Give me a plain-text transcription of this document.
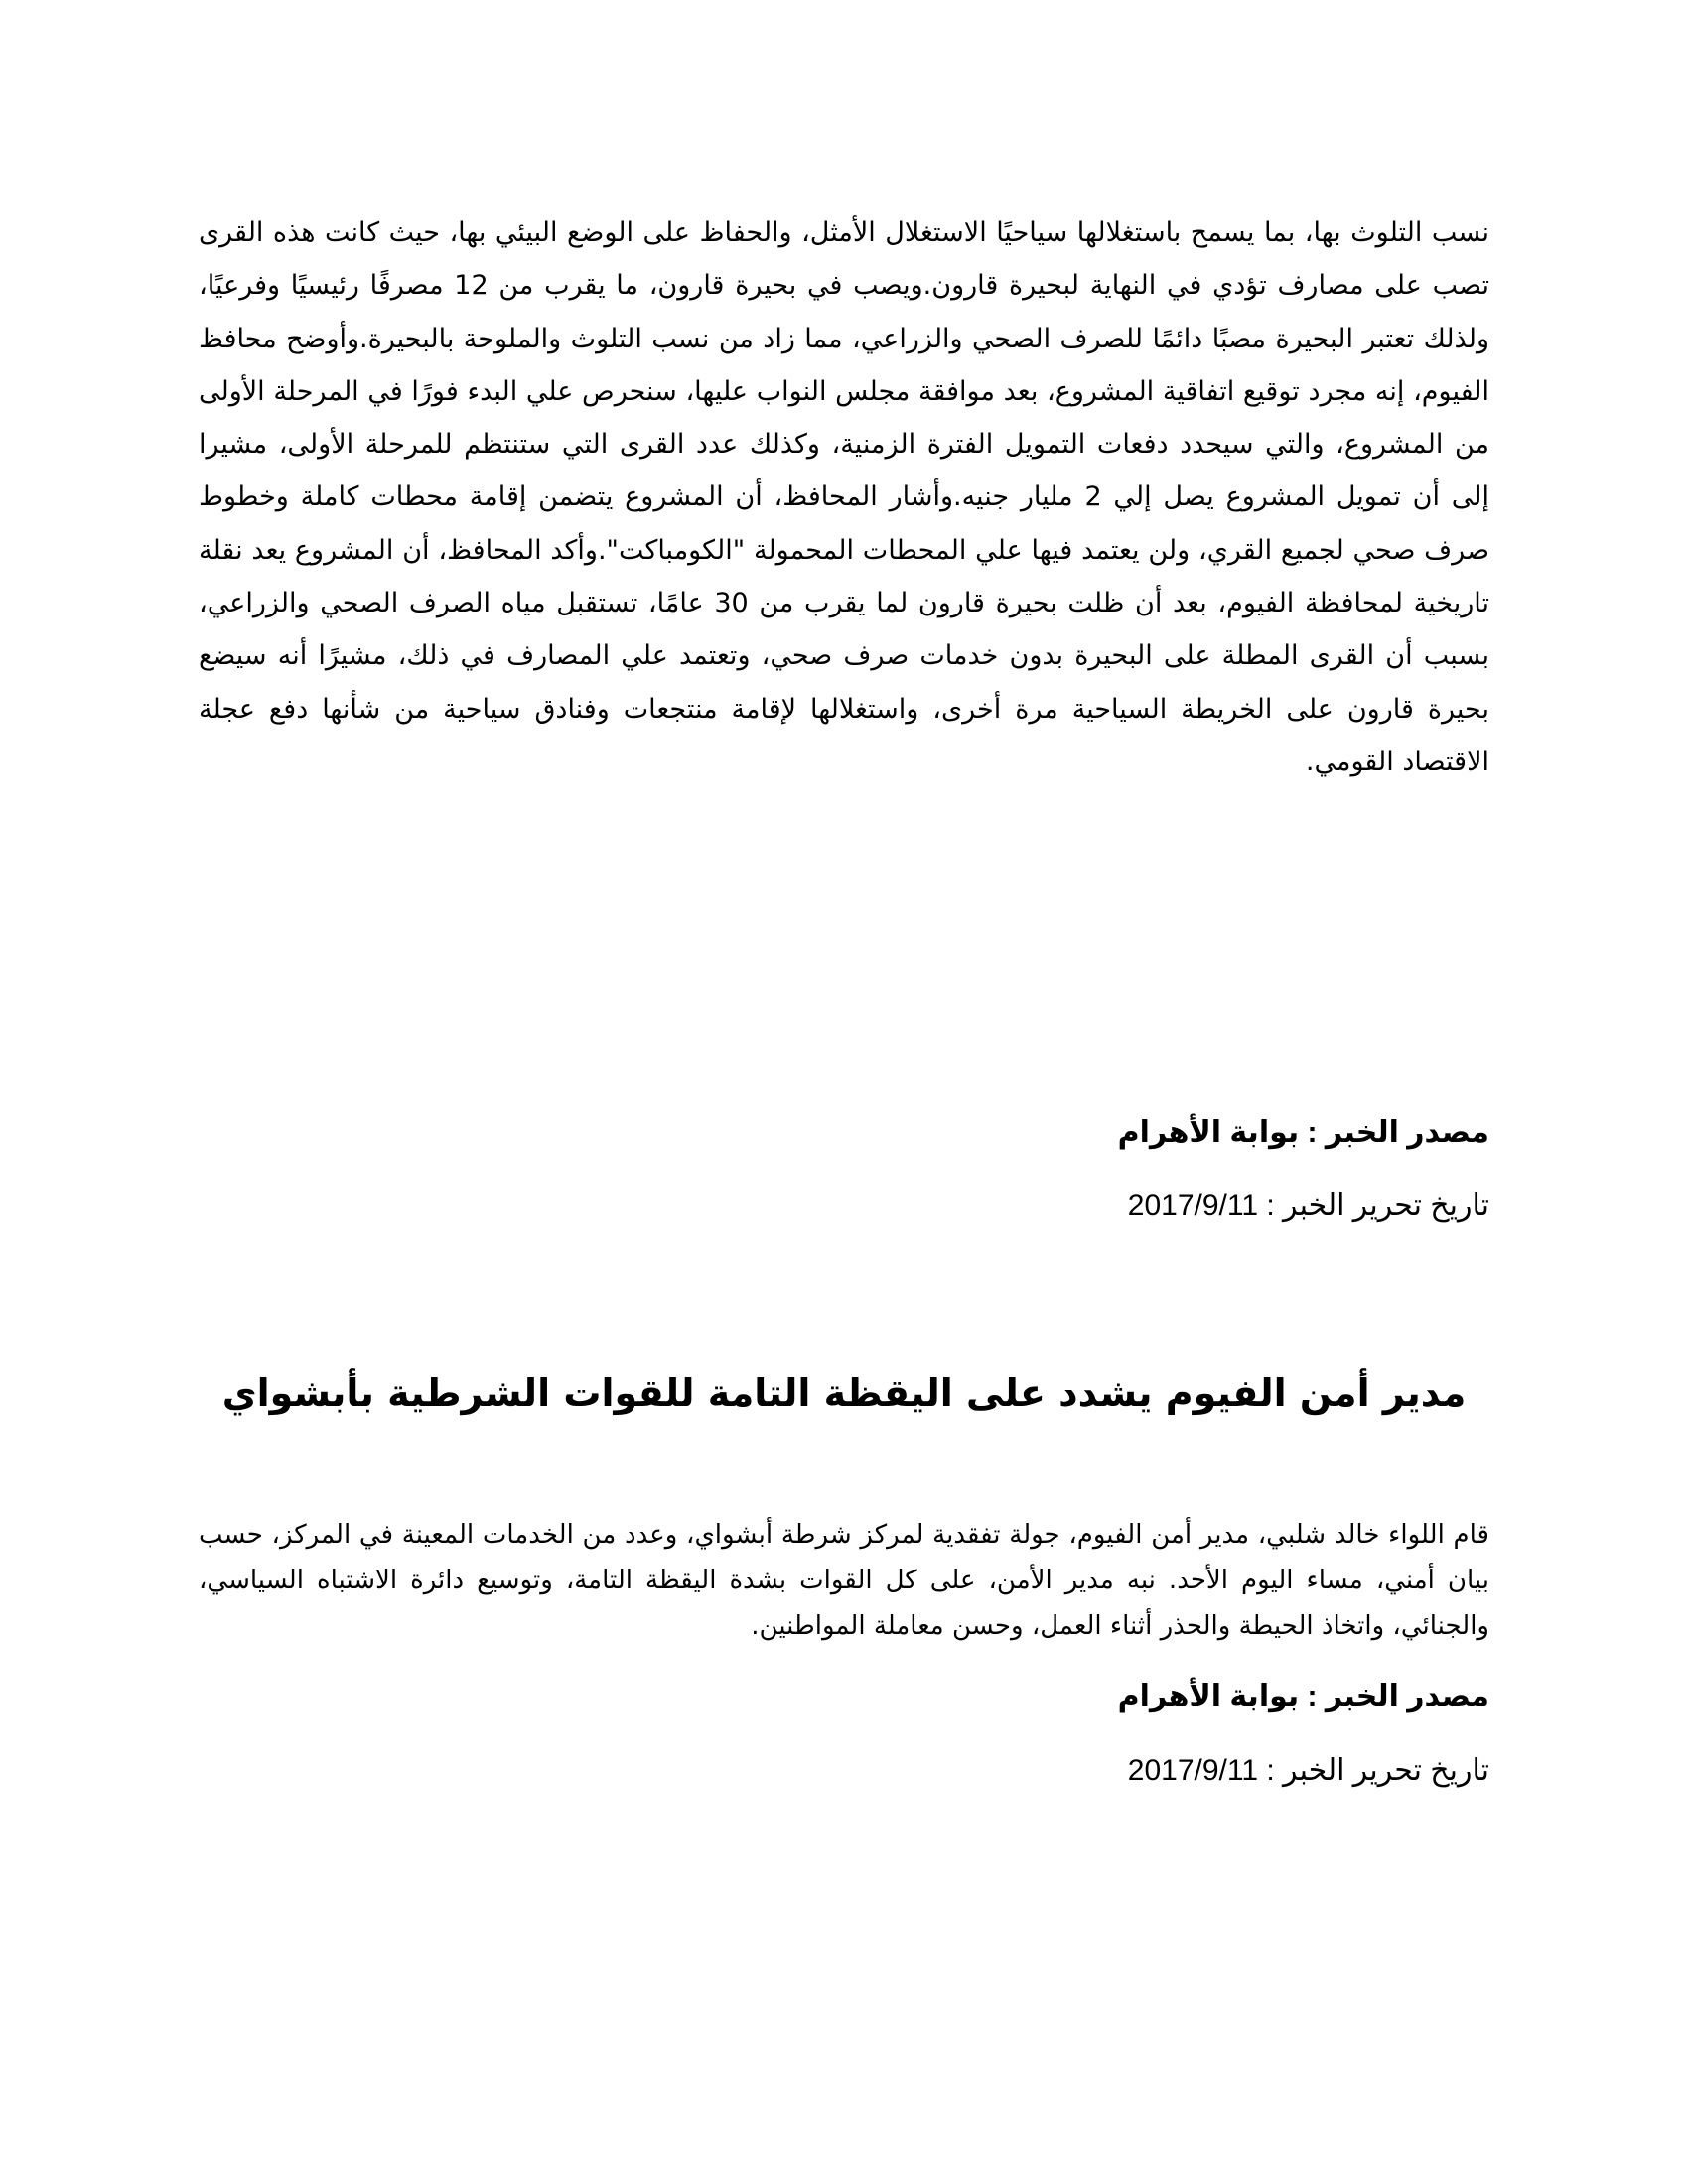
نسب التلوث بها، بما يسمح باستغلالها سياحيًا الاستغلال الأمثل، والحفاظ على الوضع البيئي بها، حيث كانت هذه القرى تصب على مصارف تؤدي في النهاية لبحيرة قارون.ويصب في بحيرة قارون، ما يقرب من 12 مصرفًا رئيسيًا وفرعيًا، ولذلك تعتبر البحيرة مصبًا دائمًا للصرف الصحي والزراعي، مما زاد من نسب التلوث والملوحة بالبحيرة.وأوضح محافظ الفيوم، إنه مجرد توقيع اتفاقية المشروع، بعد موافقة مجلس النواب عليها، سنحرص علي البدء فورًا في المرحلة الأولى من المشروع، والتي سيحدد دفعات التمويل الفترة الزمنية، وكذلك عدد القرى التي ستنتظم للمرحلة الأولى، مشيرا إلى أن تمويل المشروع يصل إلي 2 مليار جنيه.وأشار المحافظ، أن المشروع يتضمن إقامة محطات كاملة وخطوط صرف صحي لجميع القري، ولن يعتمد فيها علي المحطات المحمولة "الكومباكت".وأكد المحافظ، أن المشروع يعد نقلة تاريخية لمحافظة الفيوم، بعد أن ظلت بحيرة قارون لما يقرب من 30 عامًا، تستقبل مياه الصرف الصحي والزراعي، بسبب أن القرى المطلة على البحيرة بدون خدمات صرف صحي، وتعتمد علي المصارف في ذلك، مشيرًا أنه سيضع بحيرة قارون على الخريطة السياحية مرة أخرى، واستغلالها لإقامة منتجعات وفنادق سياحية من شأنها دفع عجلة الاقتصاد القومي.

مصدر الخبر : بوابة الأهرام

تاريخ تحرير الخبر : 2017/9/11

مدير أمن الفيوم يشدد على اليقظة التامة للقوات الشرطية بأبشواي

قام اللواء خالد شلبي، مدير أمن الفيوم، جولة تفقدية لمركز شرطة أبشواي، وعدد من الخدمات المعينة في المركز، حسب بيان أمني، مساء اليوم الأحد. نبه مدير الأمن، على كل القوات بشدة اليقظة التامة، وتوسيع دائرة الاشتباه السياسي، والجنائي، واتخاذ الحيطة والحذر أثناء العمل، وحسن معاملة المواطنين.

مصدر الخبر : بوابة الأهرام

تاريخ تحرير الخبر : 2017/9/11
